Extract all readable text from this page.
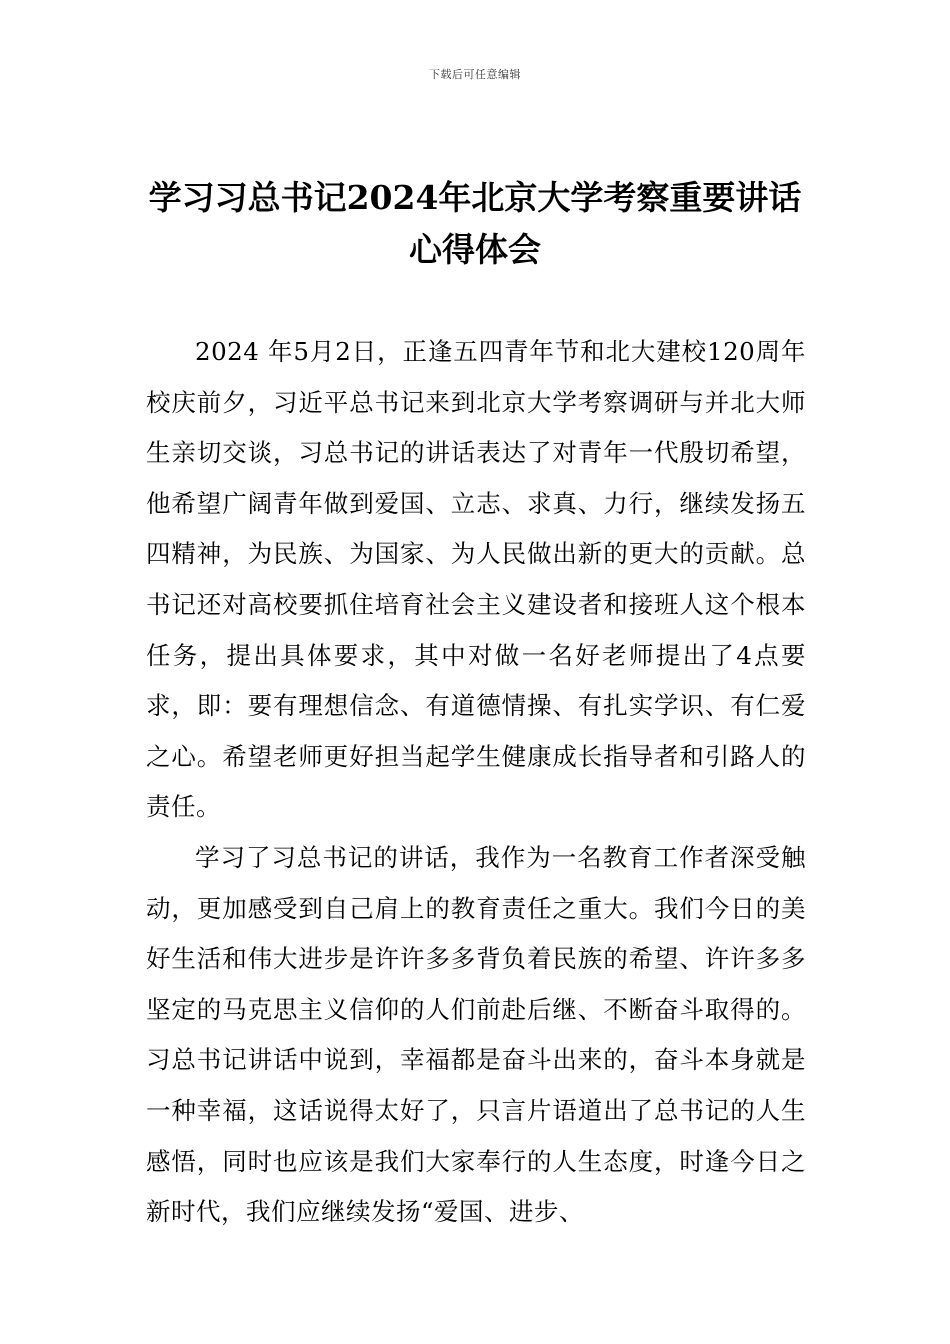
下载后可任意编辑
学习习总书记2024年北京大学考察重要讲话心得体会

2024 年5月2日，正逢五四青年节和北大建校120周年校庆前夕，习近平总书记来到北京大学考察调研与并北大师生亲切交谈，习总书记的讲话表达了对青年一代殷切希望，他希望广阔青年做到爱国、立志、求真、力行，继续发扬五四精神，为民族、为国家、为人民做出新的更大的贡献。总书记还对高校要抓住培育社会主义建设者和接班人这个根本任务，提出具体要求，其中对做一名好老师提出了4点要求，即：要有理想信念、有道德情操、有扎实学识、有仁爱之心。希望老师更好担当起学生健康成长指导者和引路人的责任。

学习了习总书记的讲话，我作为一名教育工作者深受触动，更加感受到自己肩上的教育责任之重大。我们今日的美好生活和伟大进步是许许多多背负着民族的希望、许许多多坚定的马克思主义信仰的人们前赴后继、不断奋斗取得的。习总书记讲话中说到，幸福都是奋斗出来的，奋斗本身就是一种幸福，这话说得太好了，只言片语道出了总书记的人生感悟，同时也应该是我们大家奉行的人生态度，时逢今日之新时代，我们应继续发扬“爱国、进步、
